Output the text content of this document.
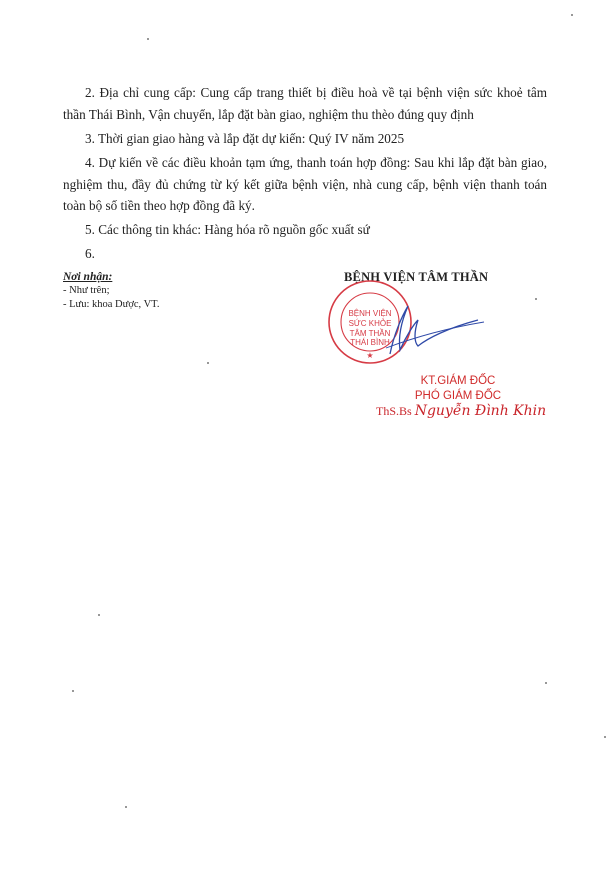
2. Địa chỉ cung cấp: Cung cấp trang thiết bị điều hoà về tại bệnh viện sức khoẻ tâm thần Thái Bình, Vận chuyển, lắp đặt bàn giao, nghiệm thu thèo đúng quy định

3. Thời gian giao hàng và lắp đặt dự kiến: Quý IV năm 2025

4. Dự kiến về các điều khoản tạm ứng, thanh toán hợp đồng: Sau khi lắp đặt bàn giao, nghiệm thu, đầy đủ chứng từ ký kết giữa bệnh viện, nhà cung cấp, bệnh viện thanh toán toàn bộ số tiền theo hợp đồng đã ký.

5. Các thông tin khác: Hàng hóa rõ nguồn gốc xuất sứ

6.

Nơi nhận:
- Như trên;
- Lưu: khoa Dược, VT.
BỆNH VIỆN TÂM THẦN
BỆNH VIỆN
SỨC KHỎE
TÂM THẦN
THÁI BÌNH
★
KT.GIÁM ĐỐC
PHÓ GIÁM ĐỐC
ThS.Bs Nguyễn Đình Khin
